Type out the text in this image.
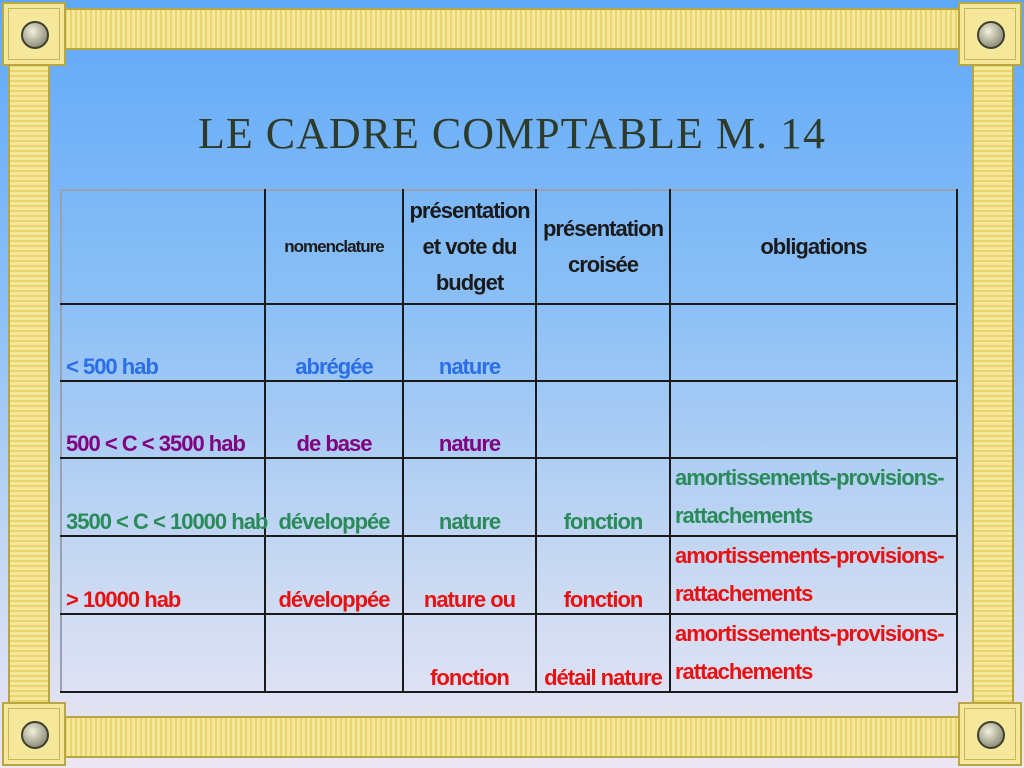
LE CADRE COMPTABLE M. 14
	nomenclature	présentation et vote du budget	présentation croisée	obligations
< 500 hab	abrégée	nature		
500 < C < 3500 hab	de base	nature		
3500 < C < 10000 hab	développée	nature	fonction	amortissements-provisions-rattachements
> 10000 hab	développée	nature ou	fonction	amortissements-provisions-rattachements
		fonction	détail nature	amortissements-provisions-rattachements
